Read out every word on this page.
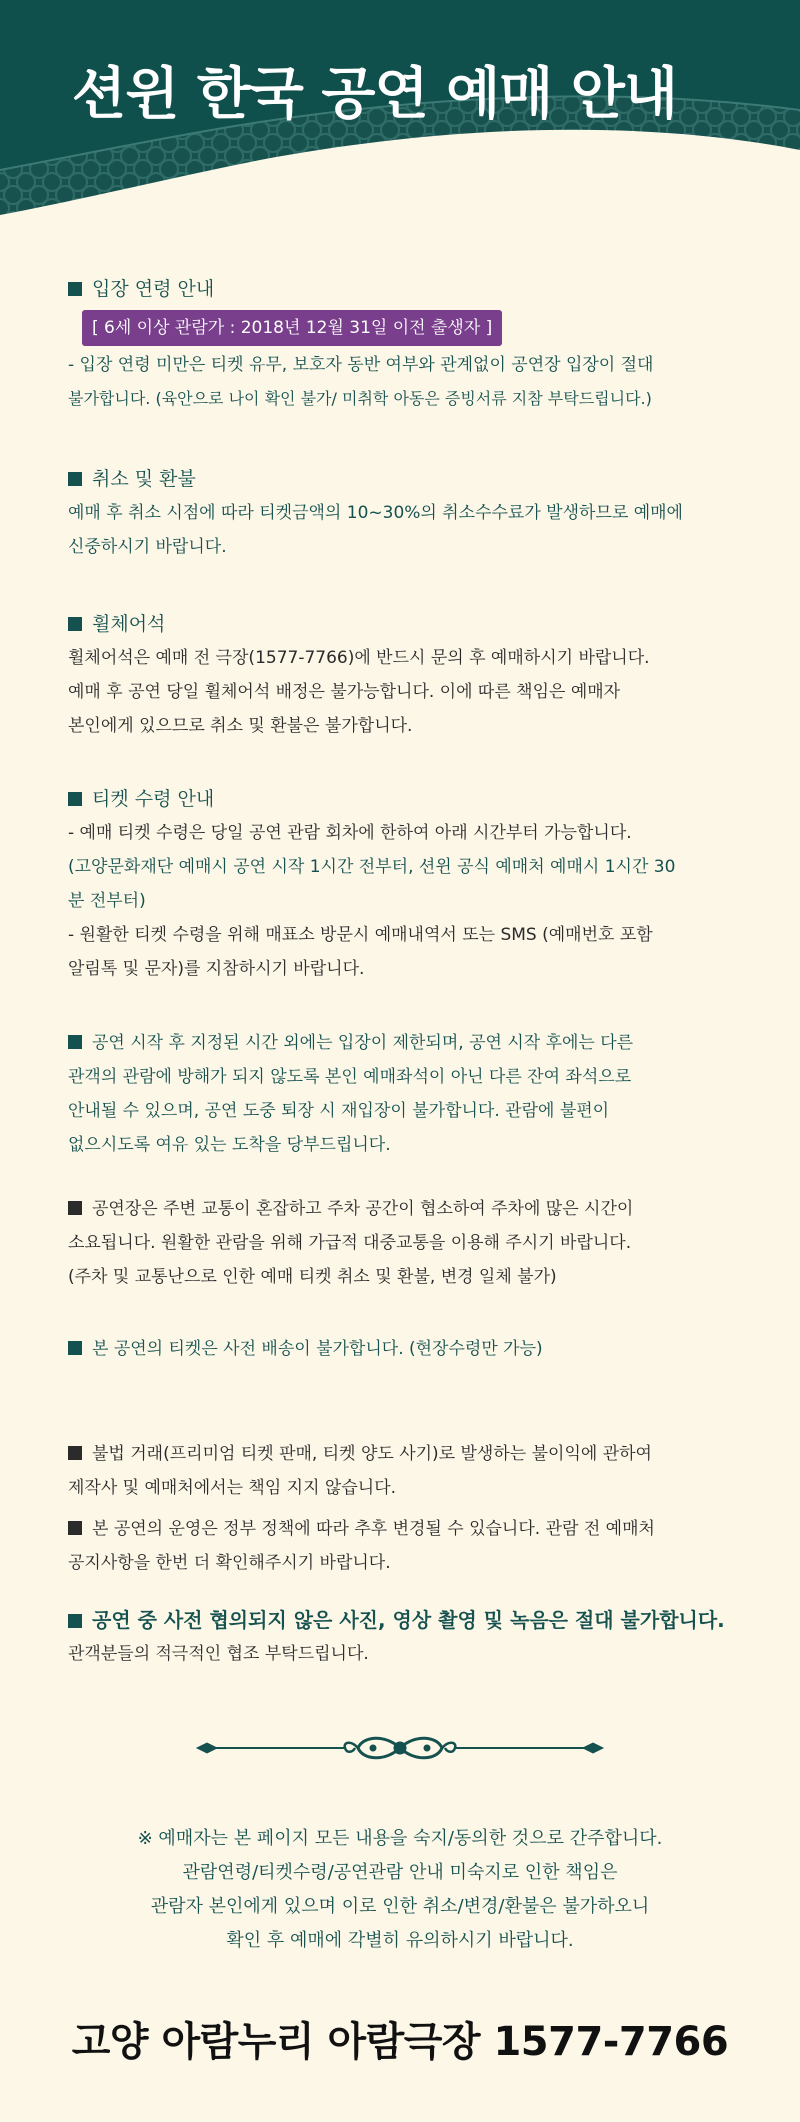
션윈 한국 공연 예매 안내
입장 연령 안내
[ 6세 이상 관람가 : 2018년 12월 31일 이전 출생자 ]
- 입장 연령 미만은 티켓 유무, 보호자 동반 여부와 관계없이 공연장 입장이 절대
불가합니다. (육안으로 나이 확인 불가/ 미취학 아동은 증빙서류 지참 부탁드립니다.)
취소 및 환불
예매 후 취소 시점에 따라 티켓금액의 10~30%의 취소수수료가 발생하므로 예매에
신중하시기 바랍니다.
휠체어석
휠체어석은 예매 전 극장(1577-7766)에 반드시 문의 후 예매하시기 바랍니다.
예매 후 공연 당일 휠체어석 배정은 불가능합니다. 이에 따른 책임은 예매자
본인에게 있으므로 취소 및 환불은 불가합니다.
티켓 수령 안내
- 예매 티켓 수령은 당일 공연 관람 회차에 한하여 아래 시간부터 가능합니다.
(고양문화재단 예매시 공연 시작 1시간 전부터, 션윈 공식 예매처 예매시 1시간 30
분 전부터)
- 원활한 티켓 수령을 위해 매표소 방문시 예매내역서 또는 SMS (예매번호 포함
알림톡 및 문자)를 지참하시기 바랍니다.
공연 시작 후 지정된 시간 외에는 입장이 제한되며, 공연 시작 후에는 다른
관객의 관람에 방해가 되지 않도록 본인 예매좌석이 아닌 다른 잔여 좌석으로
안내될 수 있으며, 공연 도중 퇴장 시 재입장이 불가합니다. 관람에 불편이
없으시도록 여유 있는 도착을 당부드립니다.
공연장은 주변 교통이 혼잡하고 주차 공간이 협소하여 주차에 많은 시간이
소요됩니다. 원활한 관람을 위해 가급적 대중교통을 이용해 주시기 바랍니다.
(주차 및 교통난으로 인한 예매 티켓 취소 및 환불, 변경 일체 불가)
본 공연의 티켓은 사전 배송이 불가합니다. (현장수령만 가능)
불법 거래(프리미엄 티켓 판매, 티켓 양도 사기)로 발생하는 불이익에 관하여
제작사 및 예매처에서는 책임 지지 않습니다.
본 공연의 운영은 정부 정책에 따라 추후 변경될 수 있습니다. 관람 전 예매처
공지사항을 한번 더 확인해주시기 바랍니다.
공연 중 사전 협의되지 않은 사진, 영상 촬영 및 녹음은 절대 불가합니다.
관객분들의 적극적인 협조 부탁드립니다.
※ 예매자는 본 페이지 모든 내용을 숙지/동의한 것으로 간주합니다.
관람연령/티켓수령/공연관람 안내 미숙지로 인한 책임은
관람자 본인에게 있으며 이로 인한 취소/변경/환불은 불가하오니
확인 후 예매에 각별히 유의하시기 바랍니다.
고양 아람누리 아람극장 1577-7766
